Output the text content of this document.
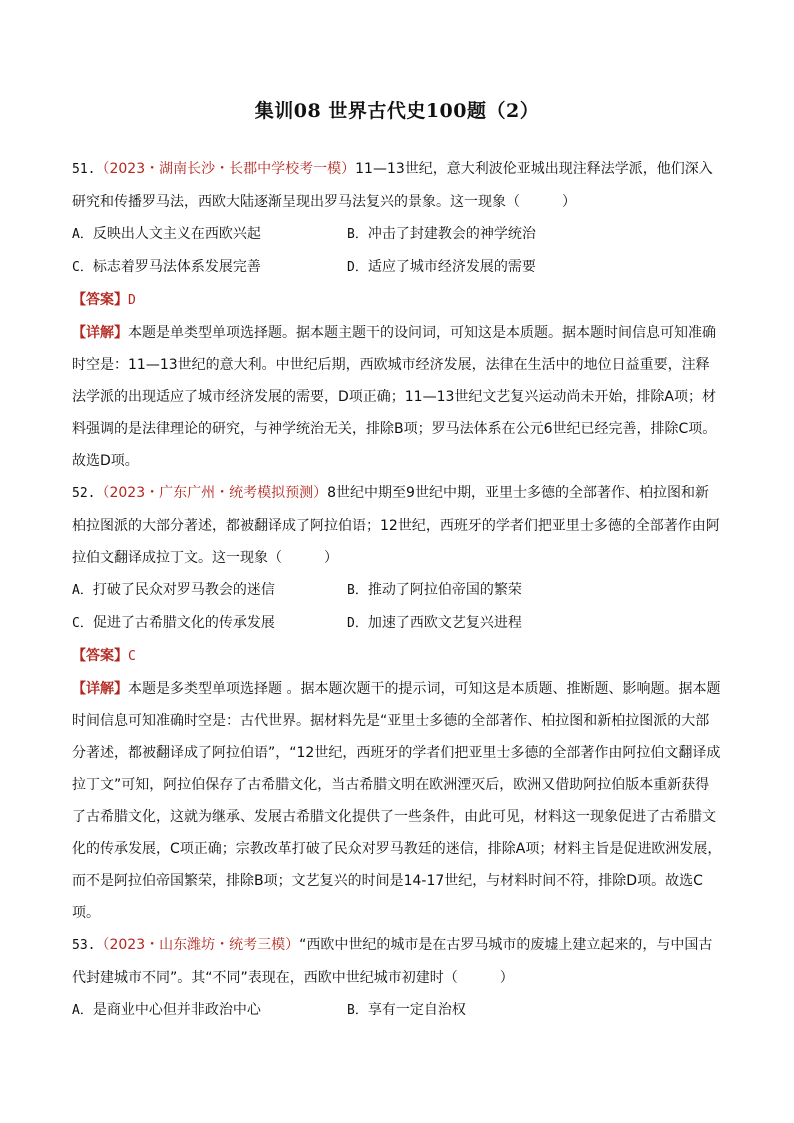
集训08 世界古代史100题（2）

51.（2023・湖南长沙・长郡中学校考一模）11—13世纪，意大利波伦亚城出现注释法学派，他们深入研究和传播罗马法，西欧大陆逐渐呈现出罗马法复兴的景象。这一现象（　　　）

A．反映出人文主义在西欧兴起	B．冲击了封建教会的神学统治
C．标志着罗马法体系发展完善	D．适应了城市经济发展的需要

【答案】D

【详解】本题是单类型单项选择题。据本题主题干的设问词，可知这是本质题。据本题时间信息可知准确时空是：11—13世纪的意大利。中世纪后期，西欧城市经济发展，法律在生活中的地位日益重要，注释法学派的出现适应了城市经济发展的需要，D项正确；11—13世纪文艺复兴运动尚未开始，排除A项；材料强调的是法律理论的研究，与神学统治无关，排除B项；罗马法体系在公元6世纪已经完善，排除C项。故选D项。

52.（2023・广东广州・统考模拟预测）8世纪中期至9世纪中期，亚里士多德的全部著作、柏拉图和新柏拉图派的大部分著述，都被翻译成了阿拉伯语；12世纪，西班牙的学者们把亚里士多德的全部著作由阿拉伯文翻译成拉丁文。这一现象（　　　）

A．打破了民众对罗马教会的迷信	B．推动了阿拉伯帝国的繁荣
C．促进了古希腊文化的传承发展	D．加速了西欧文艺复兴进程

【答案】C

【详解】本题是多类型单项选择题 。据本题次题干的提示词，可知这是本质题、推断题、影响题。据本题时间信息可知准确时空是：古代世界。据材料先是“亚里士多德的全部著作、柏拉图和新柏拉图派的大部分著述，都被翻译成了阿拉伯语”，“12世纪，西班牙的学者们把亚里士多德的全部著作由阿拉伯文翻译成拉丁文”可知，阿拉伯保存了古希腊文化，当古希腊文明在欧洲湮灭后，欧洲又借助阿拉伯版本重新获得了古希腊文化，这就为继承、发展古希腊文化提供了一些条件，由此可见，材料这一现象促进了古希腊文化的传承发展，C项正确；宗教改革打破了民众对罗马教廷的迷信，排除A项；材料主旨是促进欧洲发展，而不是阿拉伯帝国繁荣，排除B项；文艺复兴的时间是14-17世纪，与材料时间不符，排除D项。故选C项。

53.（2023・山东潍坊・统考三模）“西欧中世纪的城市是在古罗马城市的废墟上建立起来的，与中国古代封建城市不同”。其“不同”表现在，西欧中世纪城市初建时（　　　）

A．是商业中心但并非政治中心	B．享有一定自治权
